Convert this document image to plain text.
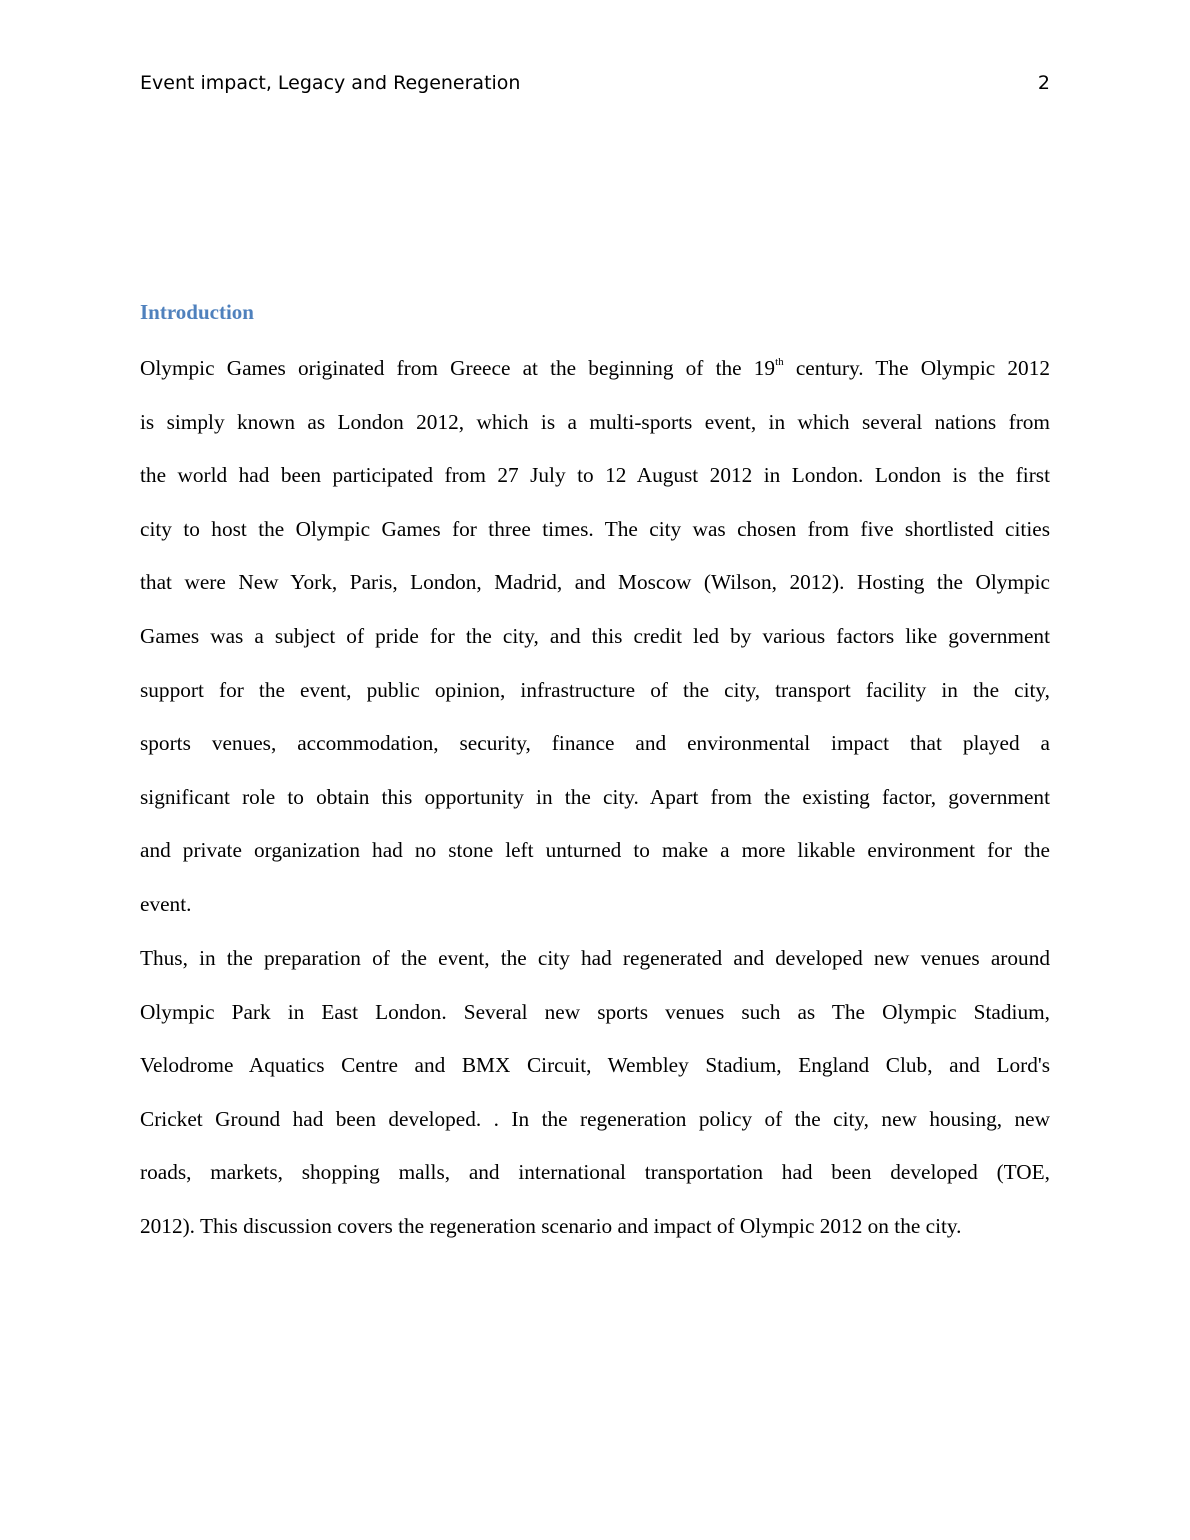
Event impact, Legacy and Regeneration	2
Introduction
Olympic Games originated from Greece at the beginning of the 19th century. The Olympic 2012
is simply known as London 2012, which is a multi-sports event, in which several nations from
the world had been participated from 27 July to 12 August 2012 in London. London is the first
city to host the Olympic Games for three times. The city was chosen from five shortlisted cities
that were New York, Paris, London, Madrid, and Moscow (Wilson, 2012). Hosting the Olympic
Games was a subject of pride for the city, and this credit led by various factors like government
support for the event, public opinion, infrastructure of the city, transport facility in the city,
sports venues, accommodation, security, finance and environmental impact that played a
significant role to obtain this opportunity in the city. Apart from the existing factor, government
and private organization had no stone left unturned to make a more likable environment for the
event.
Thus, in the preparation of the event, the city had regenerated and developed new venues around
Olympic Park in East London. Several new sports venues such as The Olympic Stadium,
Velodrome Aquatics Centre and BMX Circuit, Wembley Stadium, England Club, and Lord's
Cricket Ground had been developed. . In the regeneration policy of the city, new housing, new
roads, markets, shopping malls, and international transportation had been developed (TOE,
2012). This discussion covers the regeneration scenario and impact of Olympic 2012 on the city.
